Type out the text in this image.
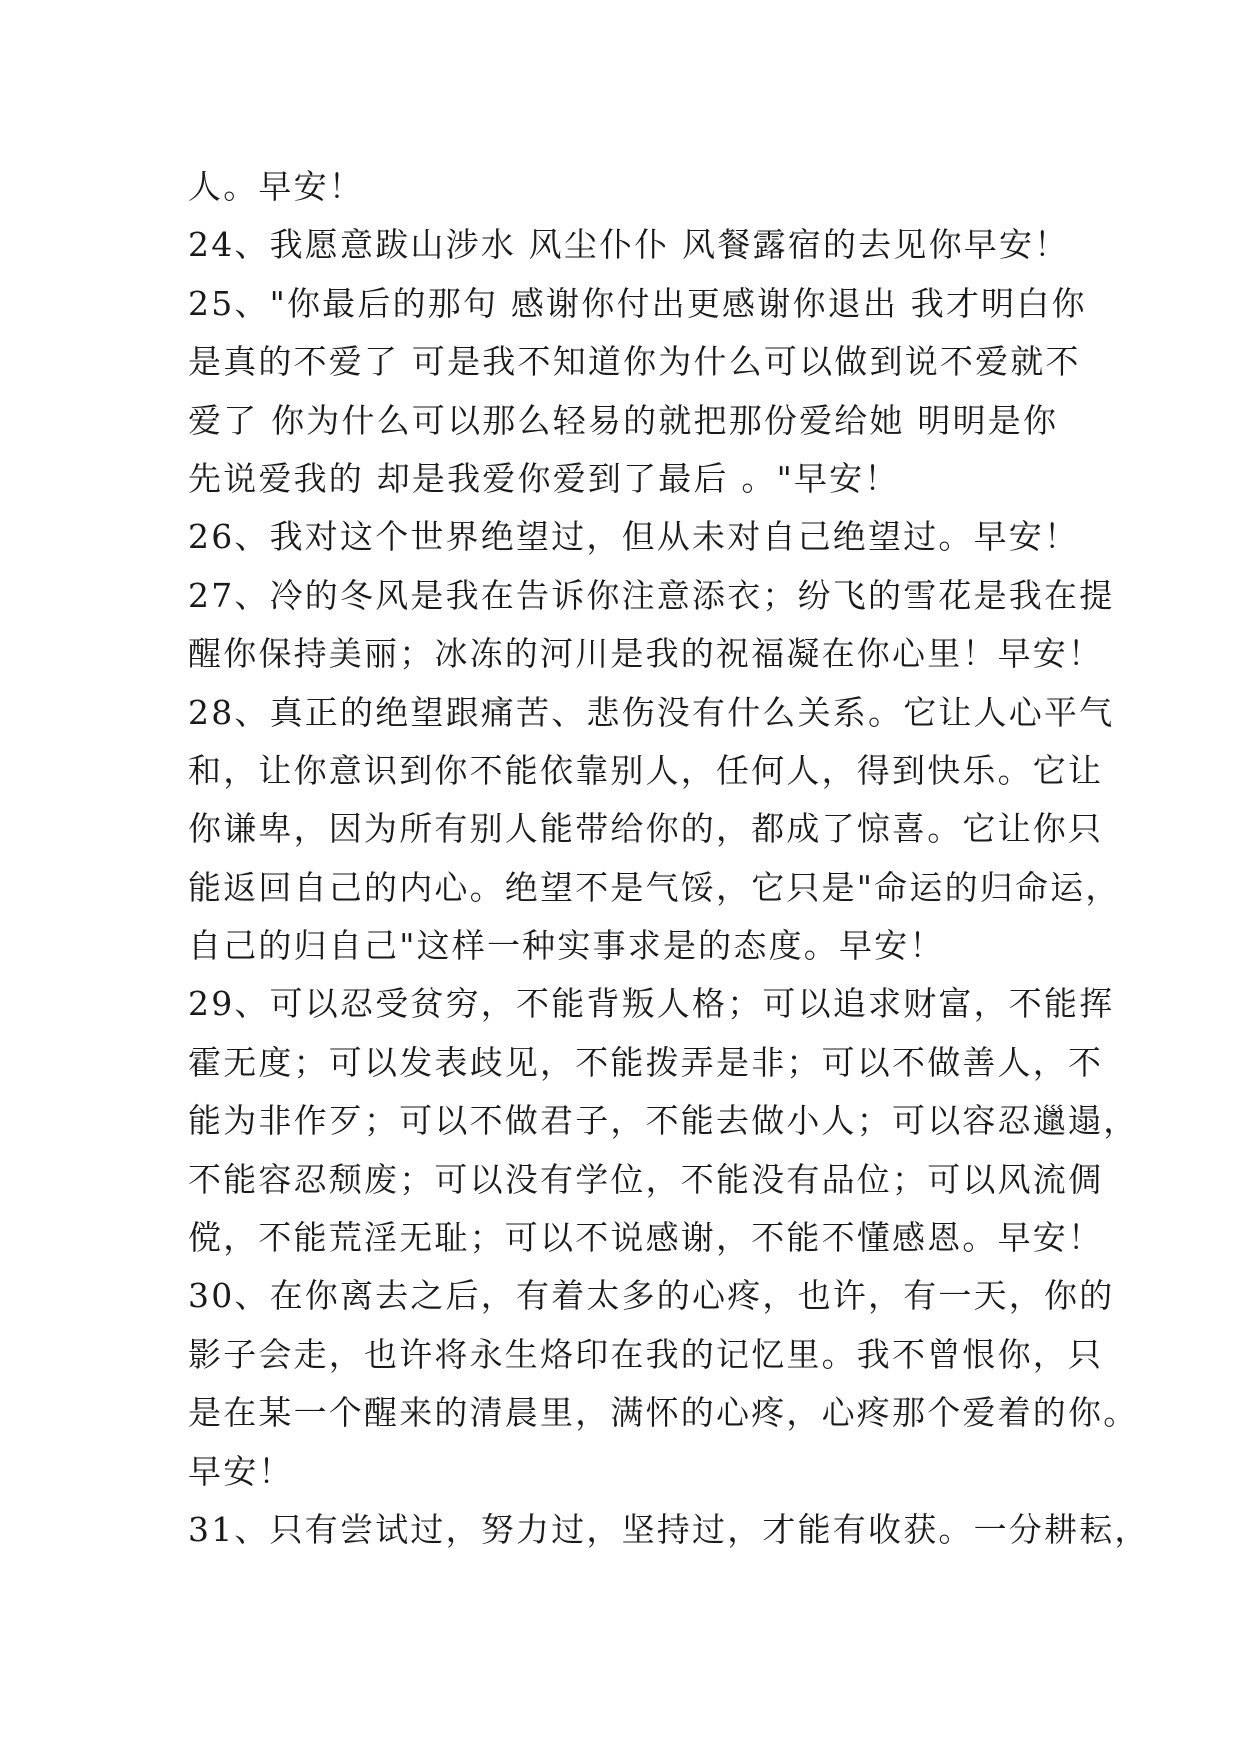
人。早安！
24、我愿意跋山涉水 风尘仆仆 风餐露宿的去见你早安！
25、"你最后的那句 感谢你付出更感谢你退出 我才明白你
是真的不爱了 可是我不知道你为什么可以做到说不爱就不
爱了 你为什么可以那么轻易的就把那份爱给她 明明是你
先说爱我的 却是我爱你爱到了最后 。"早安！
26、我对这个世界绝望过，但从未对自己绝望过。早安！
27、冷的冬风是我在告诉你注意添衣；纷飞的雪花是我在提
醒你保持美丽；冰冻的河川是我的祝福凝在你心里！早安！
28、真正的绝望跟痛苦、悲伤没有什么关系。它让人心平气
和，让你意识到你不能依靠别人，任何人，得到快乐。它让
你谦卑，因为所有别人能带给你的，都成了惊喜。它让你只
能返回自己的内心。绝望不是气馁，它只是"命运的归命运，
自己的归自己"这样一种实事求是的态度。早安！
29、可以忍受贫穷，不能背叛人格；可以追求财富，不能挥
霍无度；可以发表歧见，不能拨弄是非；可以不做善人，不
能为非作歹；可以不做君子，不能去做小人；可以容忍邋遢，
不能容忍颓废；可以没有学位，不能没有品位；可以风流倜
傥，不能荒淫无耻；可以不说感谢，不能不懂感恩。早安！
30、在你离去之后，有着太多的心疼，也许，有一天，你的
影子会走，也许将永生烙印在我的记忆里。我不曾恨你，只
是在某一个醒来的清晨里，满怀的心疼，心疼那个爱着的你。
早安！
31、只有尝试过，努力过，坚持过，才能有收获。一分耕耘，
